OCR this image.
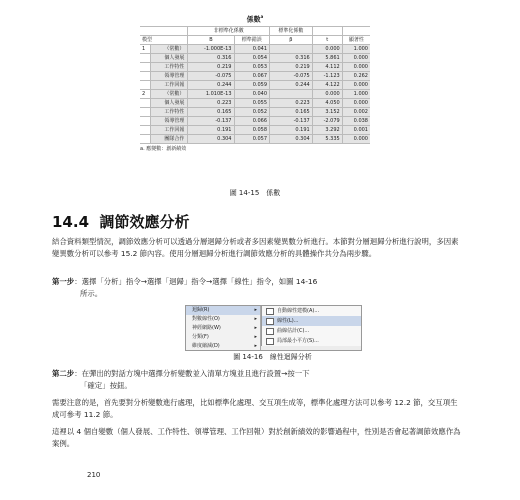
係數$^a$
		非標準化係數		標準化係數		
模型		B	標準錯誤	β	t	顯著性
1	（常數）	-1.000E-13	0.041		0.000	1.000
	個人發展	0.316	0.054	0.316	5.861	0.000
	工作特性	0.219	0.053	0.219	4.112	0.000
	領導管理	-0.075	0.067	-0.075	-1.123	0.262
	工作回報	0.244	0.059	0.244	4.122	0.000
2	（常數）	1.010E-13	0.040		0.000	1.000
	個人發展	0.223	0.055	0.223	4.050	0.000
	工作特性	0.165	0.052	0.165	3.152	0.002
	領導管理	-0.137	0.066	-0.137	-2.079	0.038
	工作回報	0.191	0.058	0.191	3.292	0.001
	團隊合作	0.304	0.057	0.304	5.335	0.000
a. 應變數：創新績效
圖 14-15　係數
14.4 調節效應分析
結合資料類型情況，調節效應分析可以透過分層迴歸分析或者多因素變異數分析進行。本節對分層迴歸分析進行說明，多因素變異數分析可以參考 15.2 節內容。使用分層迴歸分析進行調節效應分析的具體操作共分為兩步驟。
第一步：選擇「分析」指令→選擇「迴歸」指令→選擇「線性」指令，如圖 14-16
所示。
迴歸(R)	▸
對數線性(O)	▸
神經網路(W)	▸
分類(F)	▸
維度縮減(D)	▸
自動線性建模(A)...
線性(L)...
曲線估計(C)...
局部最小平方(S)...
圖 14-16　線性迴歸分析
第二步：在彈出的對話方塊中選擇分析變數並入清單方塊並且進行設置→按一下
「確定」按鈕。
需要注意的是，首先要對分析變數進行處理，比如標準化處理、交互項生成等，標準化處理方法可以參考 12.2 節，交互項生成可參考 11.2 節。
這裡以 4 個自變數（個人發展、工作特性、領導管理、工作回報）對於創新績效的影響過程中，性別是否會起著調節效應作為案例。
210
